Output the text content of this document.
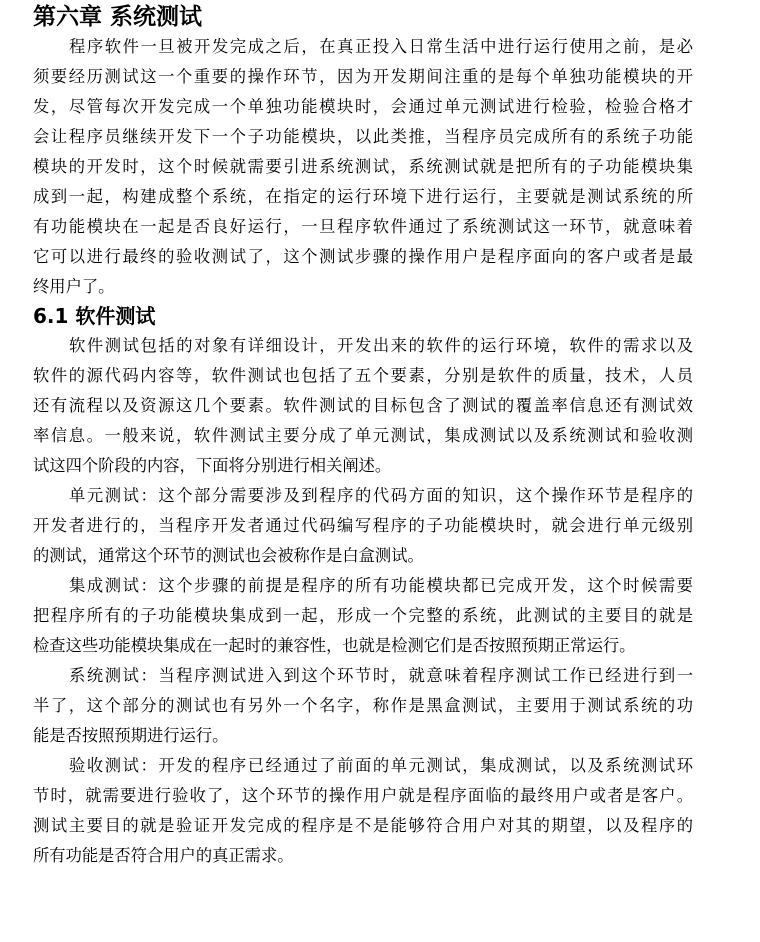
第六章 系统测试

程序软件一旦被开发完成之后，在真正投入日常生活中进行运行使用之前，是必
须要经历测试这一个重要的操作环节，因为开发期间注重的是每个单独功能模块的开
发，尽管每次开发完成一个单独功能模块时，会通过单元测试进行检验，检验合格才
会让程序员继续开发下一个子功能模块，以此类推，当程序员完成所有的系统子功能
模块的开发时，这个时候就需要引进系统测试，系统测试就是把所有的子功能模块集
成到一起，构建成整个系统，在指定的运行环境下进行运行，主要就是测试系统的所
有功能模块在一起是否良好运行，一旦程序软件通过了系统测试这一环节，就意味着
它可以进行最终的验收测试了，这个测试步骤的操作用户是程序面向的客户或者是最
终用户了。

6.1 软件测试

软件测试包括的对象有详细设计，开发出来的软件的运行环境，软件的需求以及
软件的源代码内容等，软件测试也包括了五个要素，分别是软件的质量，技术，人员
还有流程以及资源这几个要素。软件测试的目标包含了测试的覆盖率信息还有测试效
率信息。一般来说，软件测试主要分成了单元测试，集成测试以及系统测试和验收测
试这四个阶段的内容，下面将分别进行相关阐述。

单元测试：这个部分需要涉及到程序的代码方面的知识，这个操作环节是程序的
开发者进行的，当程序开发者通过代码编写程序的子功能模块时，就会进行单元级别
的测试，通常这个环节的测试也会被称作是白盒测试。

集成测试：这个步骤的前提是程序的所有功能模块都已完成开发，这个时候需要
把程序所有的子功能模块集成到一起，形成一个完整的系统，此测试的主要目的就是
检查这些功能模块集成在一起时的兼容性，也就是检测它们是否按照预期正常运行。

系统测试：当程序测试进入到这个环节时，就意味着程序测试工作已经进行到一
半了，这个部分的测试也有另外一个名字，称作是黑盒测试，主要用于测试系统的功
能是否按照预期进行运行。

验收测试：开发的程序已经通过了前面的单元测试，集成测试，以及系统测试环
节时，就需要进行验收了，这个环节的操作用户就是程序面临的最终用户或者是客户。
测试主要目的就是验证开发完成的程序是不是能够符合用户对其的期望，以及程序的
所有功能是否符合用户的真正需求。
